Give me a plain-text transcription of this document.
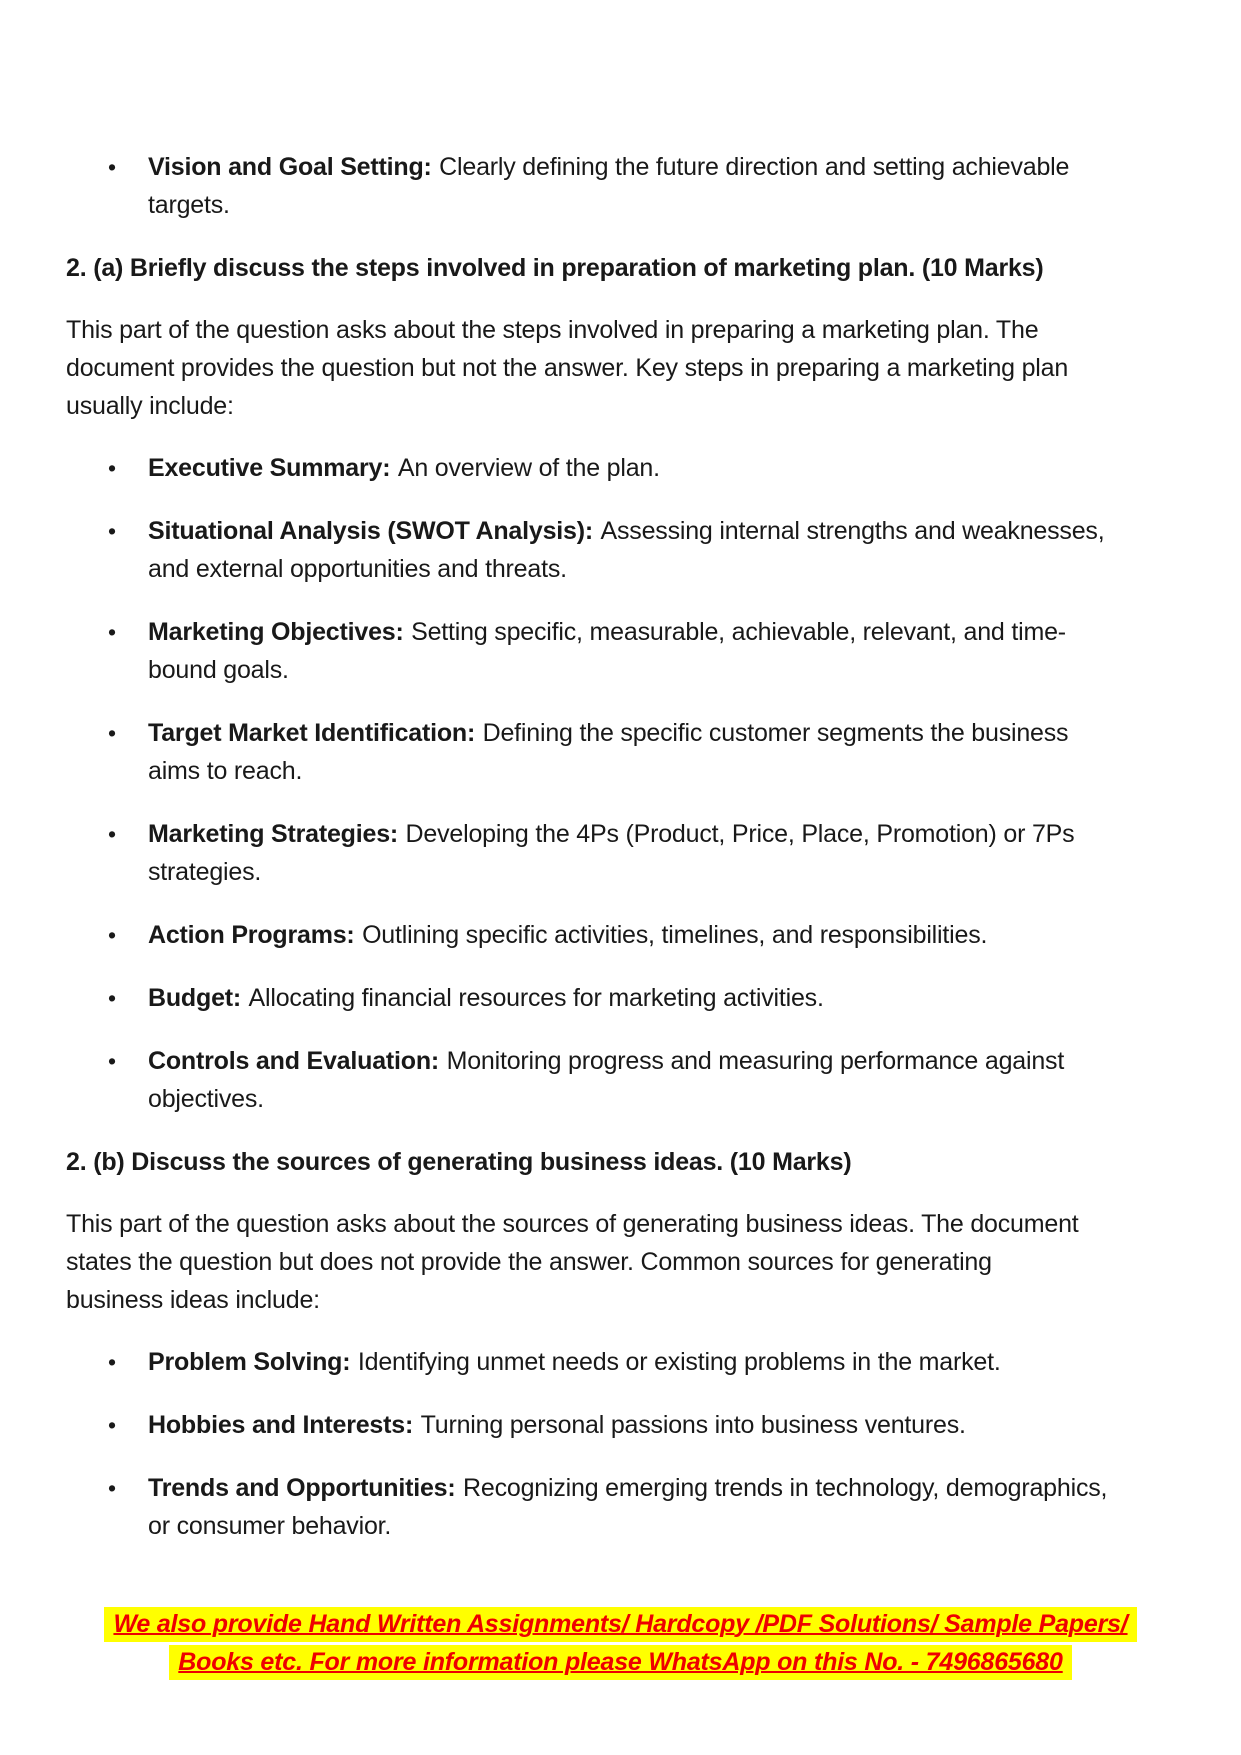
• Vision and Goal Setting: Clearly defining the future direction and setting achievable
targets.
2. (a) Briefly discuss the steps involved in preparation of marketing plan. (10 Marks)

This part of the question asks about the steps involved in preparing a marketing plan. The
document provides the question but not the answer. Key steps in preparing a marketing plan
usually include:

• Executive Summary: An overview of the plan.
• Situational Analysis (SWOT Analysis): Assessing internal strengths and weaknesses,
and external opportunities and threats.
• Marketing Objectives: Setting specific, measurable, achievable, relevant, and time-
bound goals.
• Target Market Identification: Defining the specific customer segments the business
aims to reach.
• Marketing Strategies: Developing the 4Ps (Product, Price, Place, Promotion) or 7Ps
strategies.
• Action Programs: Outlining specific activities, timelines, and responsibilities.
• Budget: Allocating financial resources for marketing activities.
• Controls and Evaluation: Monitoring progress and measuring performance against
objectives.
2. (b) Discuss the sources of generating business ideas. (10 Marks)

This part of the question asks about the sources of generating business ideas. The document
states the question but does not provide the answer. Common sources for generating
business ideas include:

• Problem Solving: Identifying unmet needs or existing problems in the market.
• Hobbies and Interests: Turning personal passions into business ventures.
• Trends and Opportunities: Recognizing emerging trends in technology, demographics,
or consumer behavior.
We also provide Hand Written Assignments/ Hardcopy /PDF Solutions/ Sample Papers/
Books etc. For more information please WhatsApp on this No. - 7496865680
